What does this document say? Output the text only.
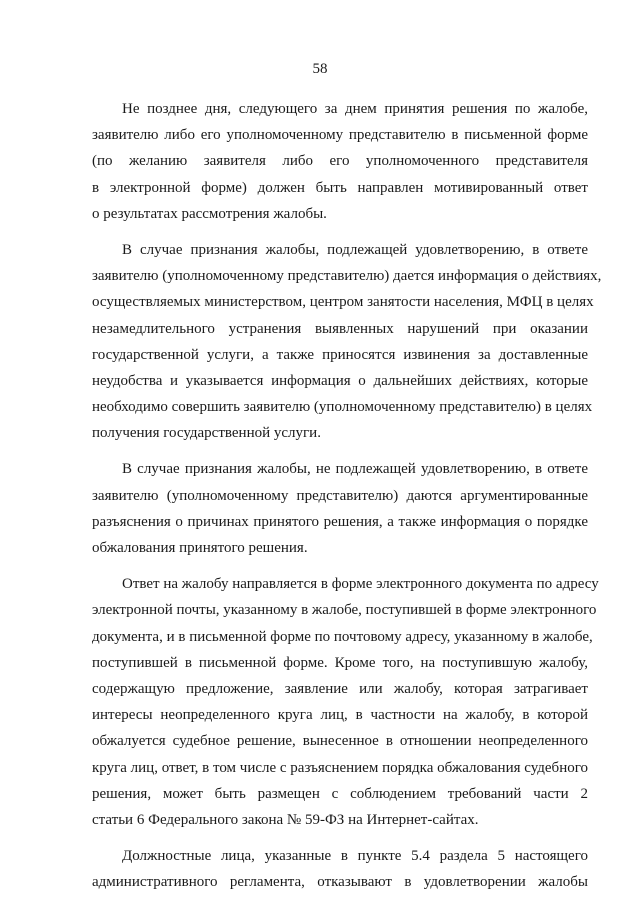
58
Не позднее дня, следующего за днем принятия решения по жалобе,
заявителю либо его уполномоченному представителю в письменной форме
(по желанию заявителя либо его уполномоченного представителя
в электронной форме) должен быть направлен мотивированный ответ
о результатах рассмотрения жалобы.
В случае признания жалобы, подлежащей удовлетворению, в ответе
заявителю (уполномоченному представителю) дается информация о действиях,
осуществляемых министерством, центром занятости населения, МФЦ в целях
незамедлительного устранения выявленных нарушений при оказании
государственной услуги, а также приносятся извинения за доставленные
неудобства и указывается информация о дальнейших действиях, которые
необходимо совершить заявителю (уполномоченному представителю) в целях
получения государственной услуги.
В случае признания жалобы, не подлежащей удовлетворению, в ответе
заявителю (уполномоченному представителю) даются аргументированные
разъяснения о причинах принятого решения, а также информация о порядке
обжалования принятого решения.
Ответ на жалобу направляется в форме электронного документа по адресу
электронной почты, указанному в жалобе, поступившей в форме электронного
документа, и в письменной форме по почтовому адресу, указанному в жалобе,
поступившей в письменной форме. Кроме того, на поступившую жалобу,
содержащую предложение, заявление или жалобу, которая затрагивает
интересы неопределенного круга лиц, в частности на жалобу, в которой
обжалуется судебное решение, вынесенное в отношении неопределенного
круга лиц, ответ, в том числе с разъяснением порядка обжалования судебного
решения, может быть размещен с соблюдением требований части 2
статьи 6 Федерального закона № 59-ФЗ на Интернет-сайтах.
Должностные лица, указанные в пункте 5.4 раздела 5 настоящего
административного регламента, отказывают в удовлетворении жалобы
